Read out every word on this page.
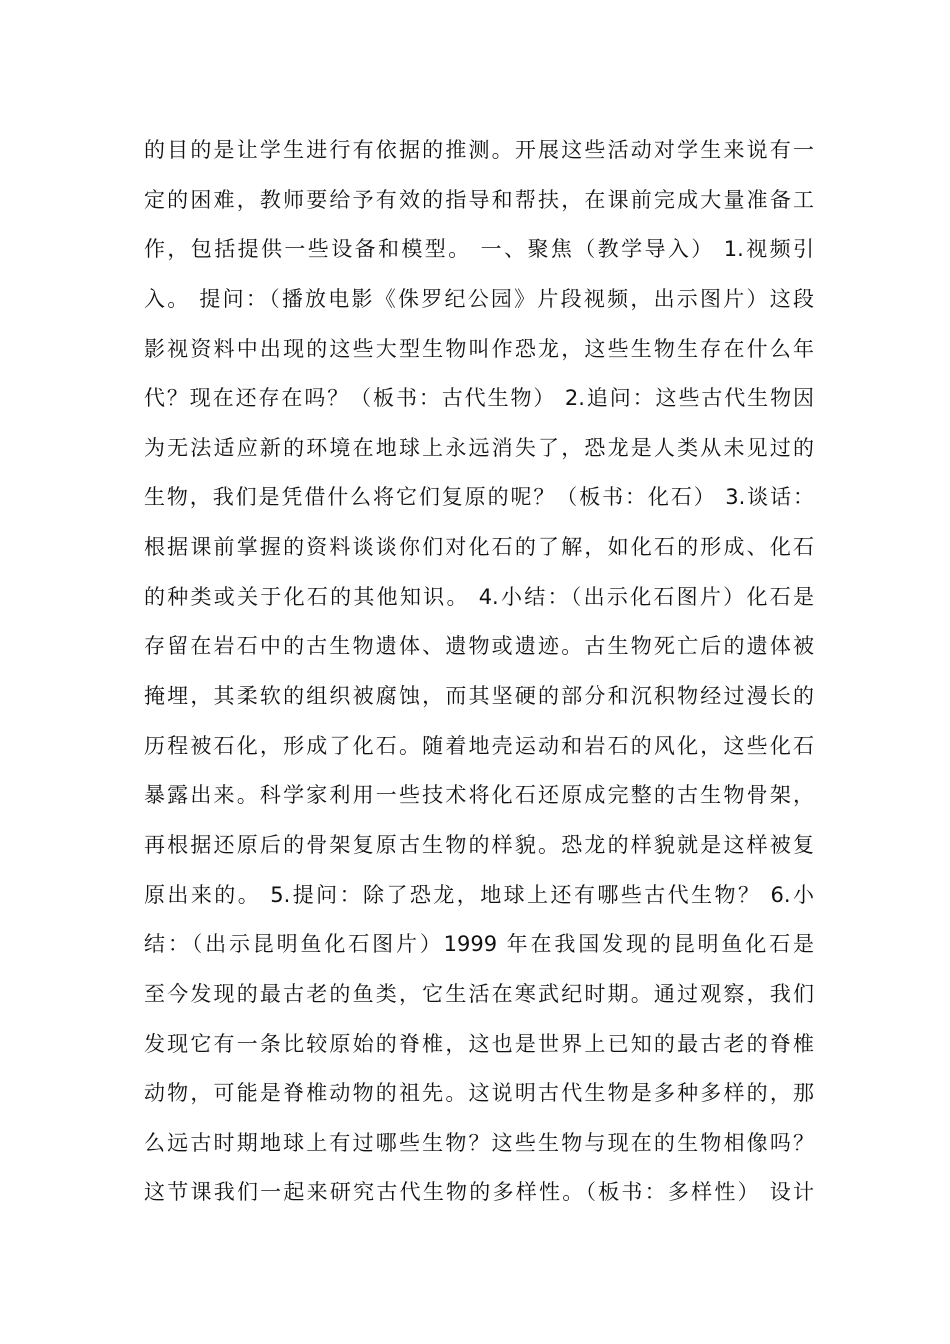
的目的是让学生进行有依据的推测。开展这些活动对学生来说有一
定的困难，教师要给予有效的指导和帮扶，在课前完成大量准备工
作，包括提供一些设备和模型。 一、聚焦（教学导入） 1.视频引
入。 提问：（播放电影《侏罗纪公园》片段视频，出示图片）这段
影视资料中出现的这些大型生物叫作恐龙，这些生物生存在什么年
代？现在还存在吗？（板书：古代生物） 2.追问：这些古代生物因
为无法适应新的环境在地球上永远消失了，恐龙是人类从未见过的
生物，我们是凭借什么将它们复原的呢？（板书：化石） 3.谈话：
根据课前掌握的资料谈谈你们对化石的了解，如化石的形成、化石
的种类或关于化石的其他知识。 4.小结：（出示化石图片）化石是
存留在岩石中的古生物遗体、遗物或遗迹。古生物死亡后的遗体被
掩埋，其柔软的组织被腐蚀，而其坚硬的部分和沉积物经过漫长的
历程被石化，形成了化石。随着地壳运动和岩石的风化，这些化石
暴露出来。科学家利用一些技术将化石还原成完整的古生物骨架，
再根据还原后的骨架复原古生物的样貌。恐龙的样貌就是这样被复
原出来的。 5.提问：除了恐龙，地球上还有哪些古代生物？ 6.小
结：（出示昆明鱼化石图片）1999 年在我国发现的昆明鱼化石是
至今发现的最古老的鱼类，它生活在寒武纪时期。通过观察，我们
发现它有一条比较原始的脊椎，这也是世界上已知的最古老的脊椎
动物，可能是脊椎动物的祖先。这说明古代生物是多种多样的，那
么远古时期地球上有过哪些生物？这些生物与现在的生物相像吗？
这节课我们一起来研究古代生物的多样性。（板书：多样性） 设计
